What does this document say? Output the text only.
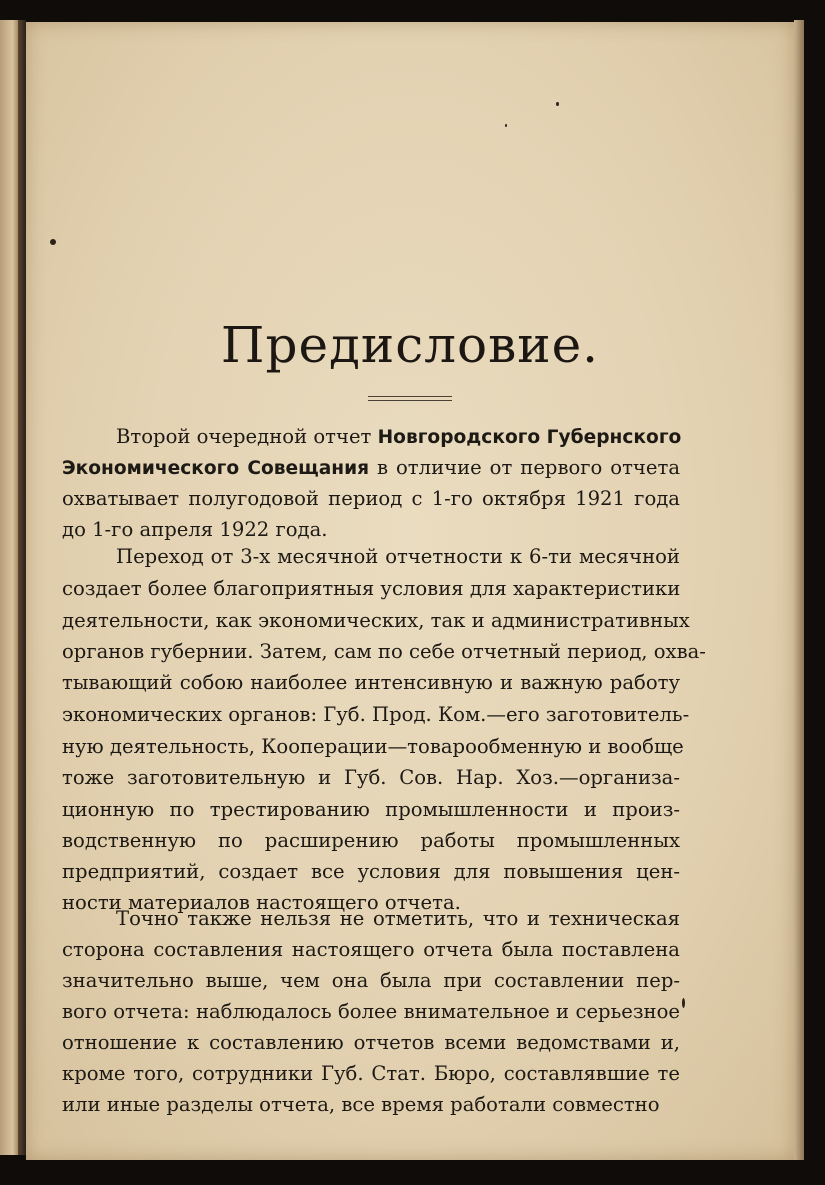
Предисловие.

Второй очередной отчет Новгородского Губернского

Экономического Совещания в отличие от первого отчета

охватывает полугодовой период с 1-го октября 1921 года

до 1-го апреля 1922 года.

Переход от 3-х месячной отчетности к 6-ти месячной

создает более благоприятныя условия для характеристики

деятельности, как экономических, так и административных

органов губернии. Затем, сам по себе отчетный период, охва-

тывающий собою наиболее интенсивную и важную работу

экономических органов: Губ. Прод. Ком.—его заготовитель-

ную деятельность, Кооперации—товарообменную и вообще

тоже заготовительную и Губ. Сов. Нар. Хоз.—организа-

ционную по трестированию промышленности и произ-

водственную по расширению работы промышленных

предприятий, создает все условия для повышения цен-

ности материалов настоящего отчета.

Точно также нельзя не отметить, что и техническая

сторона составления настоящего отчета была поставлена

значительно выше, чем она была при составлении пер-

вого отчета: наблюдалось более внимательное и серьезное

отношение к составлению отчетов всеми ведомствами и,

кроме того, сотрудники Губ. Стат. Бюро, составлявшие те

или иные разделы отчета, все время работали совместно
